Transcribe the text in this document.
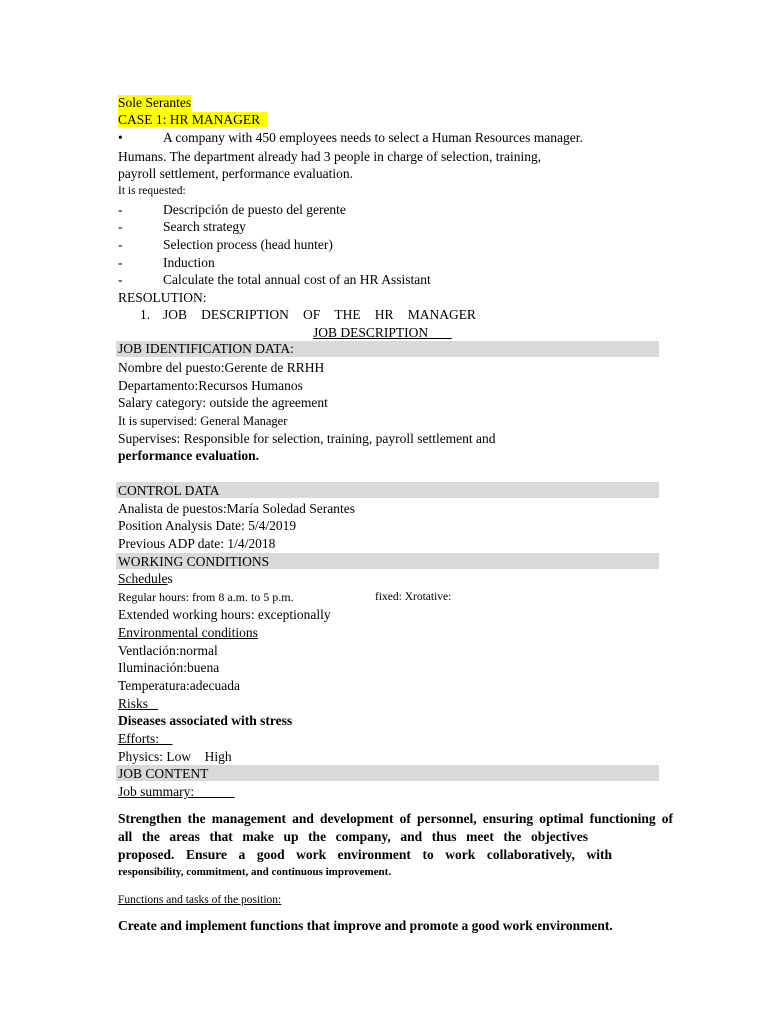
Sole Serantes
CASE 1: HR MANAGER
•	A company with 450 employees needs to select a Human Resources manager.
Humans. The department already had 3 people in charge of selection, training,
payroll settlement, performance evaluation.
It is requested:
-	Descripción de puesto del gerente
-	Search strategy
-	Selection process (head hunter)
-	Induction
-	Calculate the total annual cost of an HR Assistant
RESOLUTION:
1. JOB DESCRIPTION OF THE HR MANAGER
JOB DESCRIPTION
JOB IDENTIFICATION DATA:
Nombre del puesto:Gerente de RRHH
Departamento:Recursos Humanos
Salary category: outside the agreement
It is supervised: General Manager
Supervises: Responsible for selection, training, payroll settlement and
performance evaluation.
CONTROL DATA
Analista de puestos:María Soledad Serantes
Position Analysis Date: 5/4/2019
Previous ADP date: 1/4/2018
WORKING CONDITIONS
Schedules
Regular hours: from 8 a.m. to 5 p.m.	fixed: Xrotative:
Extended working hours: exceptionally
Environmental conditions
Ventlación:normal
Iluminación:buena
Temperatura:adecuada
Risks
Diseases associated with stress
Efforts:
Physics: Low    High
JOB CONTENT
Job summary:
Strengthen the management and development of personnel, ensuring optimal functioning of
all the areas that make up the company, and thus meet the objectives
proposed. Ensure a good work environment to work collaboratively, with
responsibility, commitment, and continuous improvement.
Functions and tasks of the position:
Create and implement functions that improve and promote a good work environment.
